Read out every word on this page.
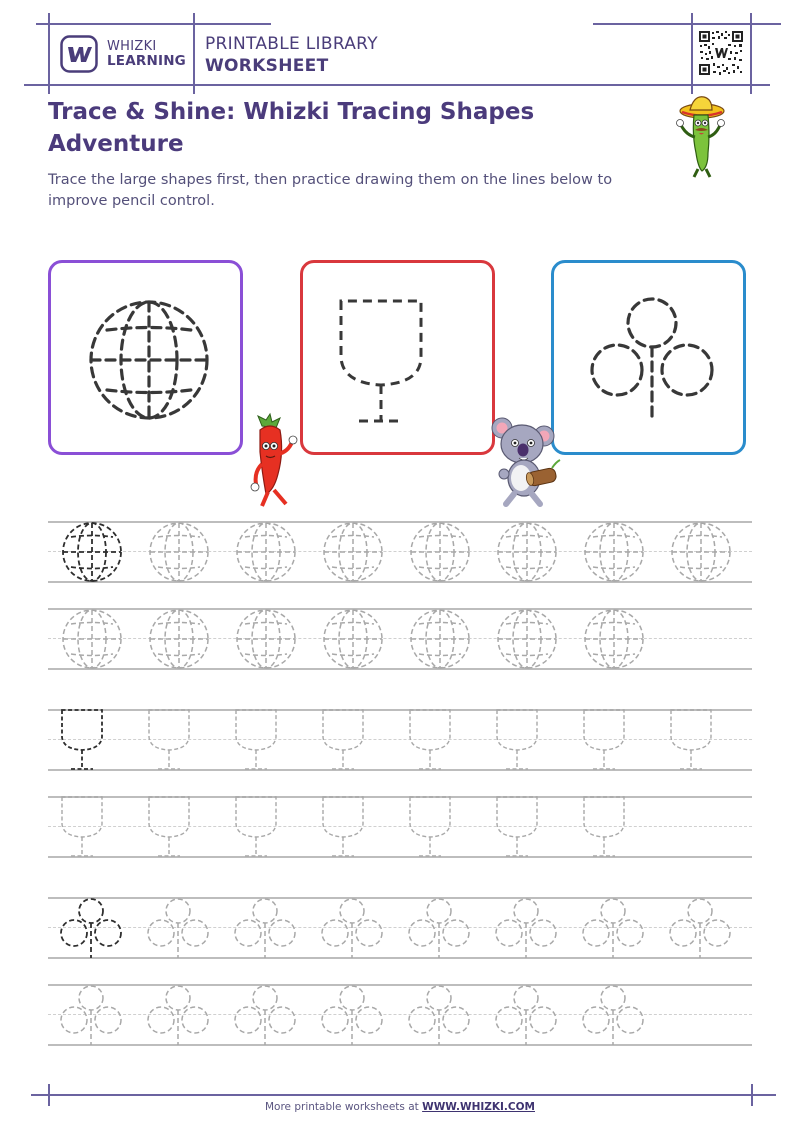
WHIZKI
LEARNING
PRINTABLE LIBRARY
WORKSHEET
Trace & Shine: Whizki Tracing Shapes Adventure
Trace the large shapes first, then practice drawing them on the lines below to improve pencil control.
More printable worksheets at WWW.WHIZKI.COM
